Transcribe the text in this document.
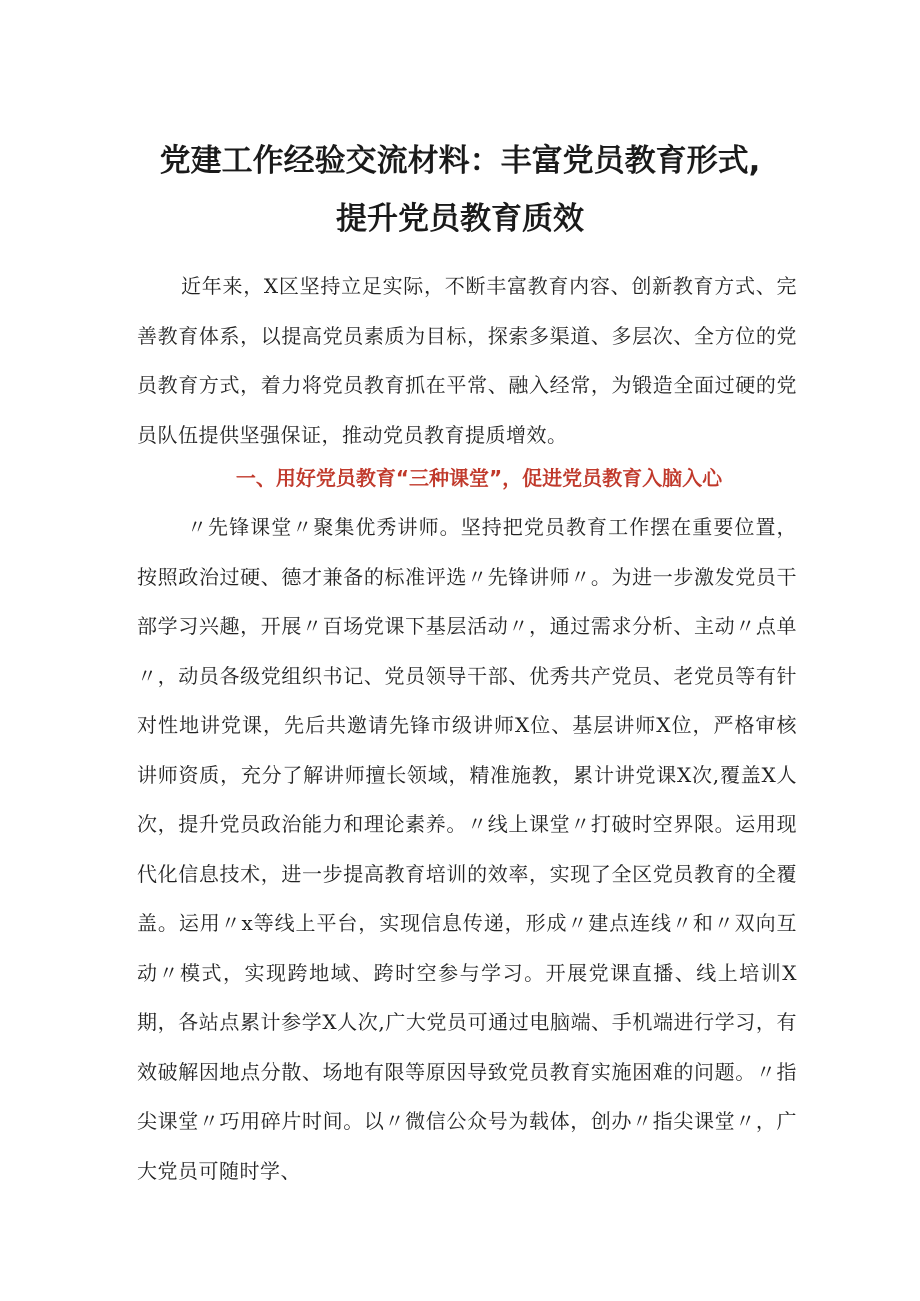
党建工作经验交流材料：丰富党员教育形式,
提升党员教育质效

近年来，X区坚持立足实际，不断丰富教育内容、创新教育方式、完善教育体系，以提高党员素质为目标，探索多渠道、多层次、全方位的党员教育方式，着力将党员教育抓在平常、融入经常，为锻造全面过硬的党员队伍提供坚强保证，推动党员教育提质增效。

一、用好党员教育“三种课堂”，促进党员教育入脑入心

〃先锋课堂〃聚集优秀讲师。坚持把党员教育工作摆在重要位置，按照政治过硬、德才兼备的标准评选〃先锋讲师〃。为进一步激发党员干部学习兴趣，开展〃百场党课下基层活动〃，通过需求分析、主动〃点单〃，动员各级党组织书记、党员领导干部、优秀共产党员、老党员等有针对性地讲党课，先后共邀请先锋市级讲师X位、基层讲师X位，严格审核讲师资质，充分了解讲师擅长领域，精准施教，累计讲党课X次,覆盖X人次，提升党员政治能力和理论素养。〃线上课堂〃打破时空界限。运用现代化信息技术，进一步提高教育培训的效率，实现了全区党员教育的全覆盖。运用〃x等线上平台，实现信息传递，形成〃建点连线〃和〃双向互动〃模式，实现跨地域、跨时空参与学习。开展党课直播、线上培训X期，各站点累计参学X人次,广大党员可通过电脑端、手机端进行学习，有效破解因地点分散、场地有限等原因导致党员教育实施困难的问题。〃指尖课堂〃巧用碎片时间。以〃微信公众号为载体，创办〃指尖课堂〃，广大党员可随时学、
